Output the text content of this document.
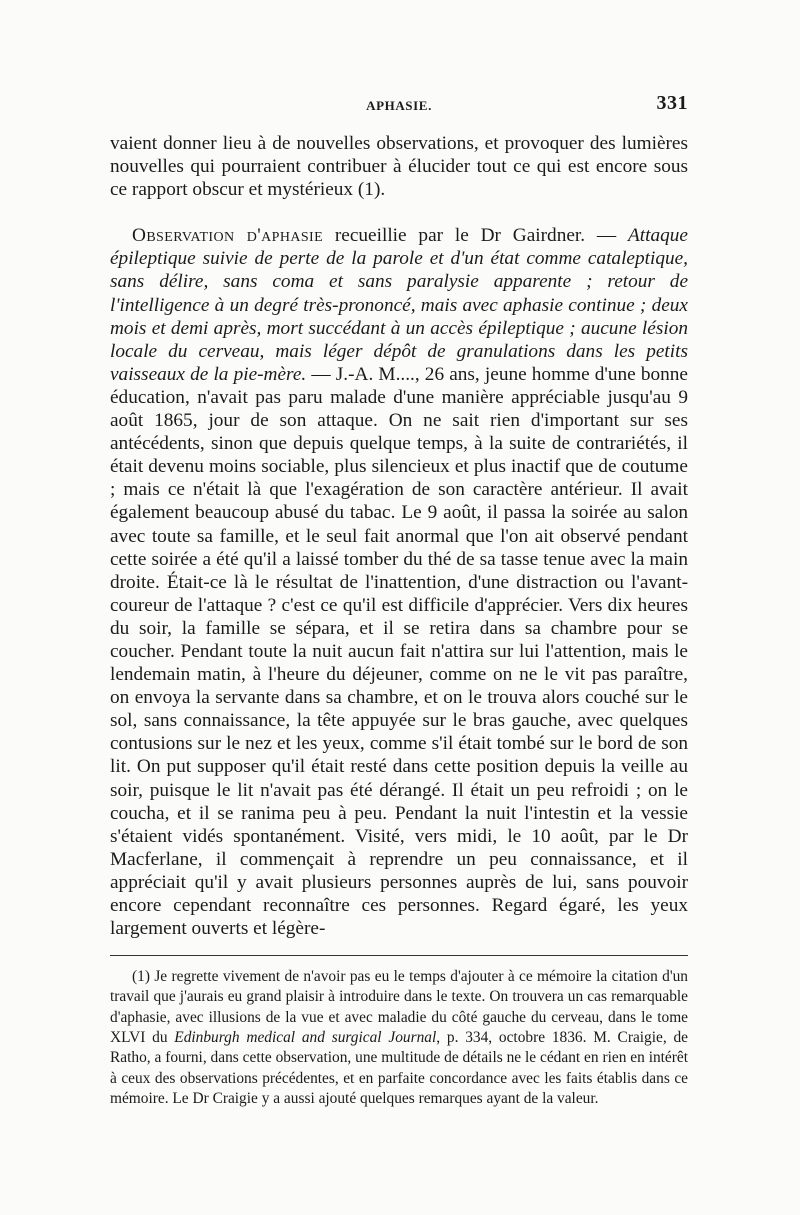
APHASIE.	331

vaient donner lieu à de nouvelles observations, et provoquer des lumières nouvelles qui pourraient contribuer à élucider tout ce qui est encore sous ce rapport obscur et mystérieux (1).

Observation d'aphasie recueillie par le Dr Gairdner. — Attaque épileptique suivie de perte de la parole et d'un état comme cataleptique, sans délire, sans coma et sans paralysie apparente ; retour de l'intelligence à un degré très-prononcé, mais avec aphasie continue ; deux mois et demi après, mort succédant à un accès épileptique ; aucune lésion locale du cerveau, mais léger dépôt de granulations dans les petits vaisseaux de la pie-mère. — J.-A. M...., 26 ans, jeune homme d'une bonne éducation, n'avait pas paru malade d'une manière appréciable jusqu'au 9 août 1865, jour de son attaque. On ne sait rien d'important sur ses antécédents, sinon que depuis quelque temps, à la suite de contrariétés, il était devenu moins sociable, plus silencieux et plus inactif que de coutume ; mais ce n'était là que l'exagération de son caractère antérieur. Il avait également beaucoup abusé du tabac. Le 9 août, il passa la soirée au salon avec toute sa famille, et le seul fait anormal que l'on ait observé pendant cette soirée a été qu'il a laissé tomber du thé de sa tasse tenue avec la main droite. Était-ce là le résultat de l'inattention, d'une distraction ou l'avant-coureur de l'attaque ? c'est ce qu'il est difficile d'apprécier. Vers dix heures du soir, la famille se sépara, et il se retira dans sa chambre pour se coucher. Pendant toute la nuit aucun fait n'attira sur lui l'attention, mais le lendemain matin, à l'heure du déjeuner, comme on ne le vit pas paraître, on envoya la servante dans sa chambre, et on le trouva alors couché sur le sol, sans connaissance, la tête appuyée sur le bras gauche, avec quelques contusions sur le nez et les yeux, comme s'il était tombé sur le bord de son lit. On put supposer qu'il était resté dans cette position depuis la veille au soir, puisque le lit n'avait pas été dérangé. Il était un peu refroidi ; on le coucha, et il se ranima peu à peu. Pendant la nuit l'intestin et la vessie s'étaient vidés spontanément. Visité, vers midi, le 10 août, par le Dr Macferlane, il commençait à reprendre un peu connaissance, et il appréciait qu'il y avait plusieurs personnes auprès de lui, sans pouvoir encore cependant reconnaître ces personnes. Regard égaré, les yeux largement ouverts et légère-

(1) Je regrette vivement de n'avoir pas eu le temps d'ajouter à ce mémoire la citation d'un travail que j'aurais eu grand plaisir à introduire dans le texte. On trouvera un cas remarquable d'aphasie, avec illusions de la vue et avec maladie du côté gauche du cerveau, dans le tome XLVI du Edinburgh medical and surgical Journal, p. 334, octobre 1836. M. Craigie, de Ratho, a fourni, dans cette observation, une multitude de détails ne le cédant en rien en intérêt à ceux des observations précédentes, et en parfaite concordance avec les faits établis dans ce mémoire. Le Dr Craigie y a aussi ajouté quelques remarques ayant de la valeur.
